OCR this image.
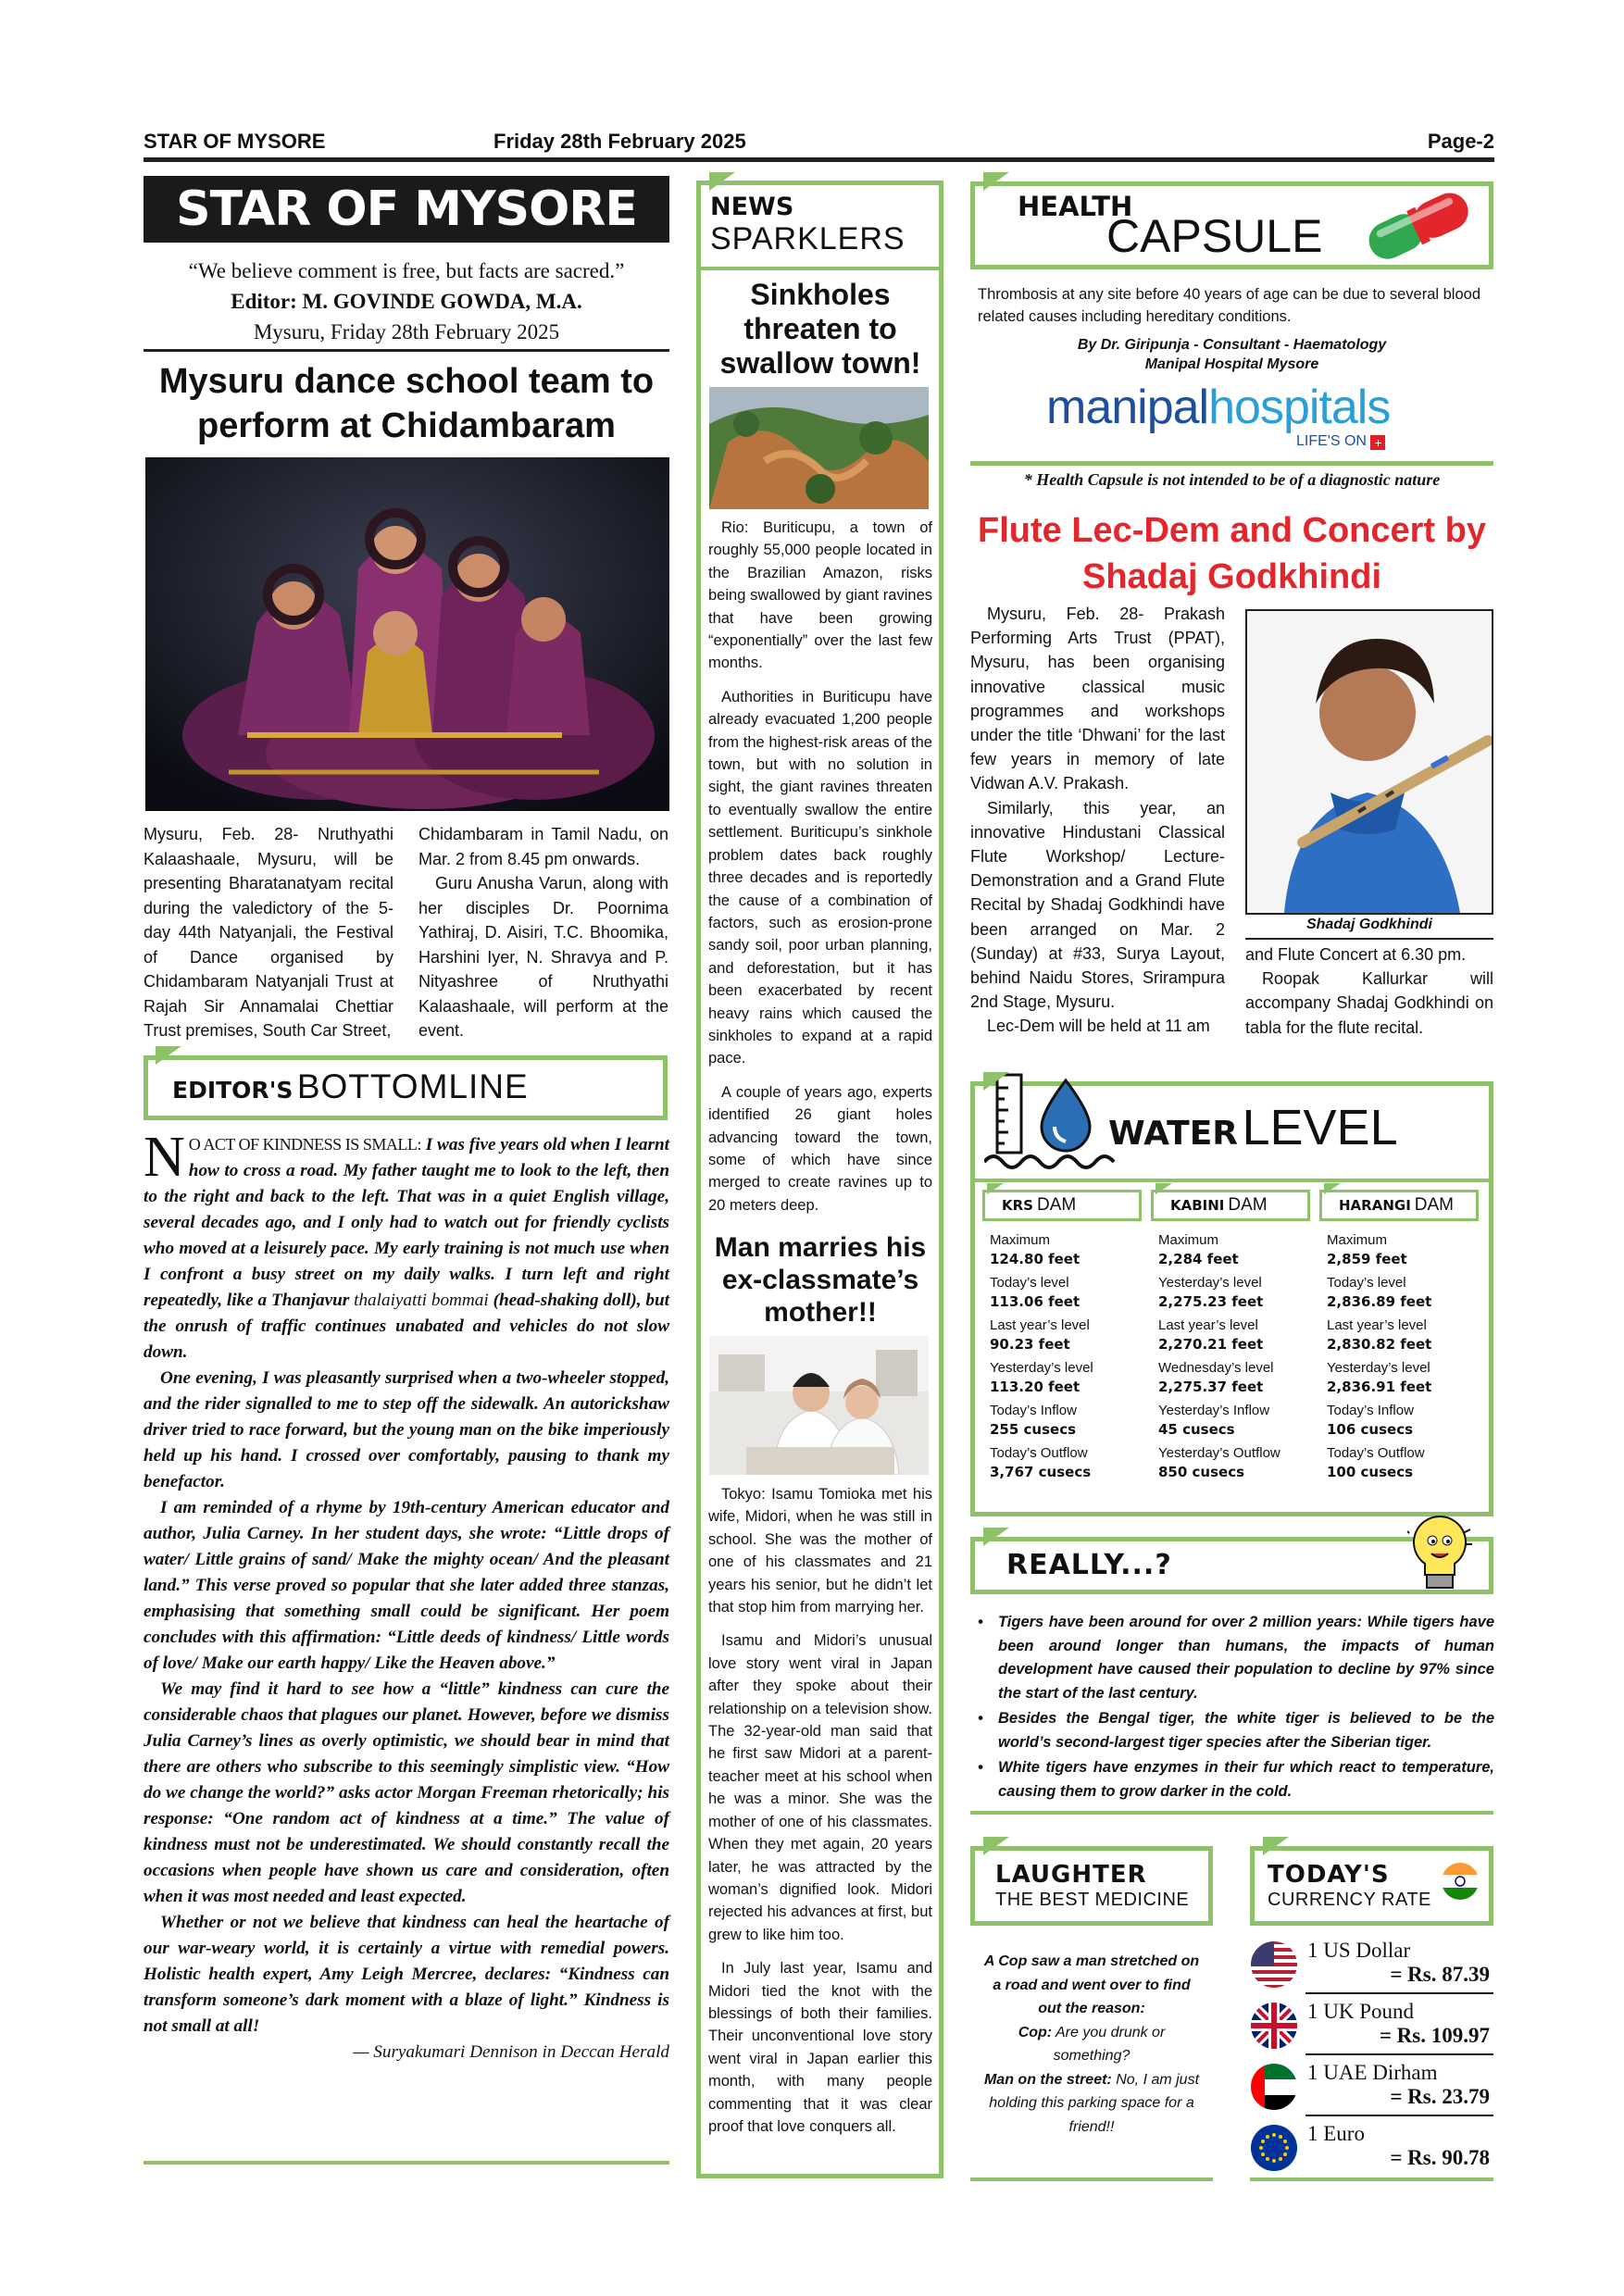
STAR OF MYSORE	Friday 28th February 2025	Page-2
STAR OF MYSORE
“We believe comment is free, but facts are sacred.”
Editor: M. GOVINDE GOWDA, M.A.
Mysuru, Friday 28th February 2025
Mysuru dance school team to perform at Chidambaram
Mysuru, Feb. 28- Nruthyathi Kalaashaale, Mysuru, will be presenting Bharatanatyam recital during the valedictory of the 5-day 44th Natyanjali, the Festival of Dance organised by Chidambaram Natyanjali Trust at Rajah Sir Annamalai Chettiar Trust premises, South Car Street,

Chidambaram in Tamil Nadu, on Mar. 2 from 8.45 pm onwards.

Guru Anusha Varun, along with her disciples Dr. Poornima Yathiraj, D. Aisiri, T.C. Bhoomika, Harshini Iyer, N. Shravya and P. Nityashree of Nruthyathi Kalaashaale, will perform at the event.

EDITOR'S BOTTOMLINE

N O ACT OF KINDNESS IS SMALL: I was five years old when I learnt how to cross a road. My father taught me to look to the left, then to the right and back to the left. That was in a quiet English village, several decades ago, and I only had to watch out for friendly cyclists who moved at a leisurely pace. My early training is not much use when I confront a busy street on my daily walks. I turn left and right repeatedly, like a Thanjavur thalaiyatti bommai (head-shaking doll), but the onrush of traffic continues unabated and vehicles do not slow down.

One evening, I was pleasantly surprised when a two-wheeler stopped, and the rider signalled to me to step off the sidewalk. An autorickshaw driver tried to race forward, but the young man on the bike imperiously held up his hand. I crossed over comfortably, pausing to thank my benefactor.

I am reminded of a rhyme by 19th-century American educator and author, Julia Carney. In her student days, she wrote: “Little drops of water/ Little grains of sand/ Make the mighty ocean/ And the pleasant land.” This verse proved so popular that she later added three stanzas, emphasising that something small could be significant. Her poem concludes with this affirmation: “Little deeds of kindness/ Little words of love/ Make our earth happy/ Like the Heaven above.”

We may find it hard to see how a “little” kindness can cure the considerable chaos that plagues our planet. However, before we dismiss Julia Carney’s lines as overly optimistic, we should bear in mind that there are others who subscribe to this seemingly simplistic view. “How do we change the world?” asks actor Morgan Freeman rhetorically; his response: “One random act of kindness at a time.” The value of kindness must not be underestimated. We should constantly recall the occasions when people have shown us care and consideration, often when it was most needed and least expected.

Whether or not we believe that kindness can heal the heartache of our war-weary world, it is certainly a virtue with remedial powers. Holistic health expert, Amy Leigh Mercree, declares: “Kindness can transform someone’s dark moment with a blaze of light.” Kindness is not small at all!

— Suryakumari Dennison in Deccan Herald

NEWS
SPARKLERS
Sinkholes threaten to swallow town!

Rio: Buriticupu, a town of roughly 55,000 people located in the Brazilian Amazon, risks being swallowed by giant ravines that have been growing “exponentially” over the last few months.

Authorities in Buriticupu have already evacuated 1,200 people from the highest-risk areas of the town, but with no solution in sight, the giant ravines threaten to eventually swallow the entire settlement. Buriticupu’s sinkhole problem dates back roughly three decades and is reportedly the cause of a combination of factors, such as erosion-prone sandy soil, poor urban planning, and deforestation, but it has been exacerbated by recent heavy rains which caused the sinkholes to expand at a rapid pace.

A couple of years ago, experts identified 26 giant holes advancing toward the town, some of which have since merged to create ravines up to 20 meters deep.

Man marries his ex-classmate’s mother!!

Tokyo: Isamu Tomioka met his wife, Midori, when he was still in school. She was the mother of one of his classmates and 21 years his senior, but he didn’t let that stop him from marrying her.

Isamu and Midori’s unusual love story went viral in Japan after they spoke about their relationship on a television show. The 32-year-old man said that he first saw Midori at a parent-teacher meet at his school when he was a minor. She was the mother of one of his classmates. When they met again, 20 years later, he was attracted by the woman’s dignified look. Midori rejected his advances at first, but grew to like him too.

In July last year, Isamu and Midori tied the knot with the blessings of both their families. Their unconventional love story went viral in Japan earlier this month, with many people commenting that it was clear proof that love conquers all.

HEALTH
CAPSULE
Thrombosis at any site before 40 years of age can be due to several blood related causes including hereditary conditions.
By Dr. Giripunja - Consultant - Haematology
Manipal Hospital Mysore
manipalhospitals
LIFE'S ON +
* Health Capsule is not intended to be of a diagnostic nature
Flute Lec-Dem and Concert by Shadaj Godkhindi

Mysuru, Feb. 28- Prakash Performing Arts Trust (PPAT), Mysuru, has been organising innovative classical music programmes and workshops under the title ‘Dhwani’ for the last few years in memory of late Vidwan A.V. Prakash.

Similarly, this year, an innovative Hindustani Classical Flute Workshop/ Lecture-Demonstration and a Grand Flute Recital by Shadaj Godkhindi have been arranged on Mar. 2 (Sunday) at #33, Surya Layout, behind Naidu Stores, Srirampura 2nd Stage, Mysuru.

Lec-Dem will be held at 11 am

Shadaj Godkhindi

and Flute Concert at 6.30 pm.

Roopak Kallurkar will accompany Shadaj Godkhindi on tabla for the flute recital.

WATER LEVEL
KRS DAM
Maximum
124.80 feet
Today’s level
113.06 feet
Last year’s level
90.23 feet
Yesterday’s level
113.20 feet
Today’s Inflow
255 cusecs
Today’s Outflow
3,767 cusecs
KABINI DAM
Maximum
2,284 feet
Yesterday’s level
2,275.23 feet
Last year’s level
2,270.21 feet
Wednesday’s level
2,275.37 feet
Yesterday’s Inflow
45 cusecs
Yesterday’s Outflow
850 cusecs
HARANGI DAM
Maximum
2,859 feet
Today’s level
2,836.89 feet
Last year’s level
2,830.82 feet
Yesterday’s level
2,836.91 feet
Today’s Inflow
106 cusecs
Today’s Outflow
100 cusecs
REALLY...?
• Tigers have been around for over 2 million years: While tigers have been around longer than humans, the impacts of human development have caused their population to decline by 97% since the start of the last century.
• Besides the Bengal tiger, the white tiger is believed to be the world’s second-largest tiger species after the Siberian tiger.
• White tigers have enzymes in their fur which react to temperature, causing them to grow darker in the cold.
LAUGHTER
THE BEST MEDICINE
A Cop saw a man stretched on a road and went over to find out the reason:
Cop: Are you drunk or something?
Man on the street: No, I am just holding this parking space for a friend!!
TODAY'S
CURRENCY RATE
1 US Dollar
= Rs. 87.39
1 UK Pound
= Rs. 109.97
1 UAE Dirham
= Rs. 23.79
1 Euro
= Rs. 90.78
